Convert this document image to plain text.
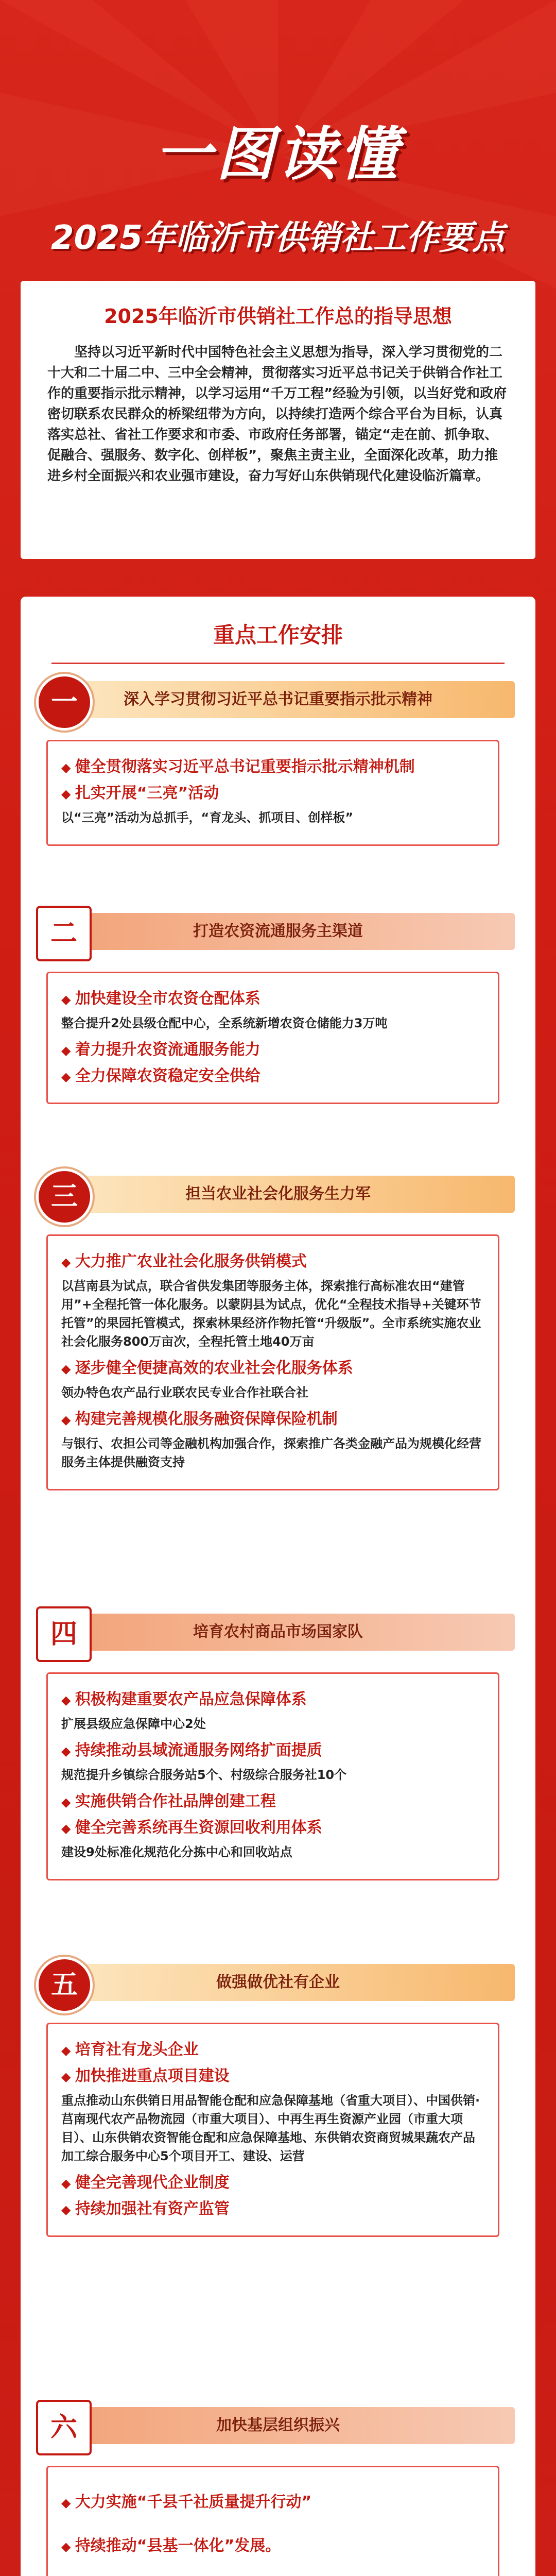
一图读懂
2025年临沂市供销社工作要点
2025年临沂市供销社工作总的指导思想

坚持以习近平新时代中国特色社会主义思想为指导，深入学习贯彻党的二十大和二十届二中、三中全会精神，贯彻落实习近平总书记关于供销合作社工作的重要指示批示精神，以学习运用“千万工程”经验为引领，以当好党和政府密切联系农民群众的桥梁纽带为方向，以持续打造两个综合平台为目标，认真落实总社、省社工作要求和市委、市政府任务部署，锚定“走在前、抓争取、促融合、强服务、数字化、创样板”，聚焦主责主业，全面深化改革，助力推进乡村全面振兴和农业强市建设，奋力写好山东供销现代化建设临沂篇章。

重点工作安排
深入学习贯彻习近平总书记重要指示批示精神
一
◆ 健全贯彻落实习近平总书记重要指示批示精神机制
◆ 扎实开展“三亮”活动
以“三亮”活动为总抓手，“育龙头、抓项目、创样板”
打造农资流通服务主渠道
二
◆ 加快建设全市农资仓配体系
整合提升2处县级仓配中心，全系统新增农资仓储能力3万吨
◆ 着力提升农资流通服务能力
◆ 全力保障农资稳定安全供给
担当农业社会化服务生力军
三
◆ 大力推广农业社会化服务供销模式
以莒南县为试点，联合省供发集团等服务主体，探索推行高标准农田“建管用”+全程托管一体化服务。以蒙阴县为试点，优化“全程技术指导+关键环节托管”的果园托管模式，探索林果经济作物托管“升级版”。全市系统实施农业社会化服务800万亩次，全程托管土地40万亩
◆ 逐步健全便捷高效的农业社会化服务体系
领办特色农产品行业联农民专业合作社联合社
◆ 构建完善规模化服务融资保障保险机制
与银行、农担公司等金融机构加强合作，探索推广各类金融产品为规模化经营服务主体提供融资支持
培育农村商品市场国家队
四
◆ 积极构建重要农产品应急保障体系
扩展县级应急保障中心2处
◆ 持续推动县域流通服务网络扩面提质
规范提升乡镇综合服务站5个、村级综合服务社10个
◆ 实施供销合作社品牌创建工程
◆ 健全完善系统再生资源回收利用体系
建设9处标准化规范化分拣中心和回收站点
做强做优社有企业
五
◆ 培育社有龙头企业
◆ 加快推进重点项目建设
重点推动山东供销日用品智能仓配和应急保障基地（省重大项目）、中国供销·莒南现代农产品物流园（市重大项目）、中再生再生资源产业园（市重大项目）、山东供销农资智能仓配和应急保障基地、东供销农资商贸城果蔬农产品加工综合服务中心5个项目开工、建设、运营
◆ 健全完善现代企业制度
◆ 持续加强社有资产监管
加快基层组织振兴
六
◆ 大力实施“千县千社质量提升行动”
◆ 持续推动“县基一体化”发展。
